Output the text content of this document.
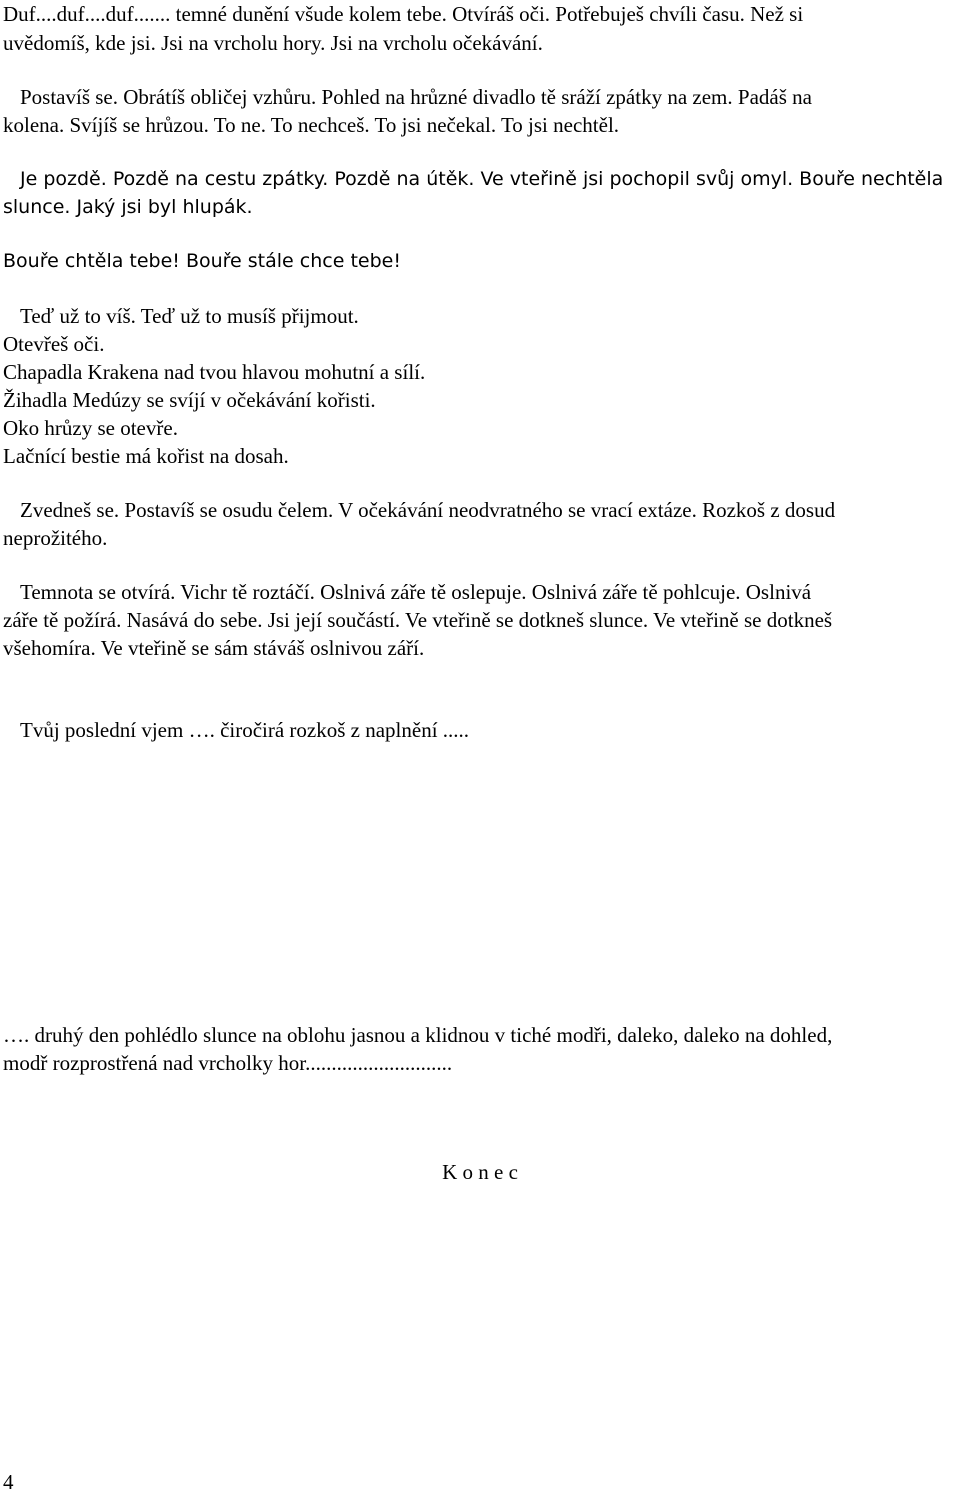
Duf....duf....duf....... temné dunění všude kolem tebe. Otvíráš oči. Potřebuješ chvíli času. Než si
uvědomíš, kde jsi. Jsi na vrcholu hory. Jsi na vrcholu očekávání.
Postavíš se. Obrátíš obličej vzhůru. Pohled na hrůzné divadlo tě sráží zpátky na zem. Padáš na
kolena. Svíjíš se hrůzou. To ne. To nechceš. To jsi nečekal. To jsi nechtěl.
Je pozdě. Pozdě na cestu zpátky. Pozdě na útěk. Ve vteřině jsi pochopil svůj omyl. Bouře nechtěla
slunce. Jaký jsi byl hlupák.
Bouře chtěla tebe! Bouře stále chce tebe!
Teď už to víš. Teď už to musíš přijmout.
Otevřeš oči.
Chapadla Krakena nad tvou hlavou mohutní a sílí.
Žihadla Medúzy se svíjí v očekávání kořisti.
Oko hrůzy se otevře.
Lačnící bestie má kořist na dosah.
Zvedneš se. Postavíš se osudu čelem. V očekávání neodvratného se vrací extáze. Rozkoš z dosud
neprožitého.
Temnota se otvírá. Vichr tě roztáčí. Oslnivá záře tě oslepuje. Oslnivá záře tě pohlcuje. Oslnivá
záře tě požírá. Nasává do sebe. Jsi její součástí. Ve vteřině se dotkneš slunce. Ve vteřině se dotkneš
všehomíra. Ve vteřině se sám stáváš oslnivou září.
Tvůj poslední vjem …. čiročirá rozkoš z naplnění .....
…. druhý den pohlédlo slunce na oblohu jasnou a klidnou v tiché modři, daleko, daleko na dohled,
modř rozprostřená nad vrcholky hor............................
K o n e c
4
